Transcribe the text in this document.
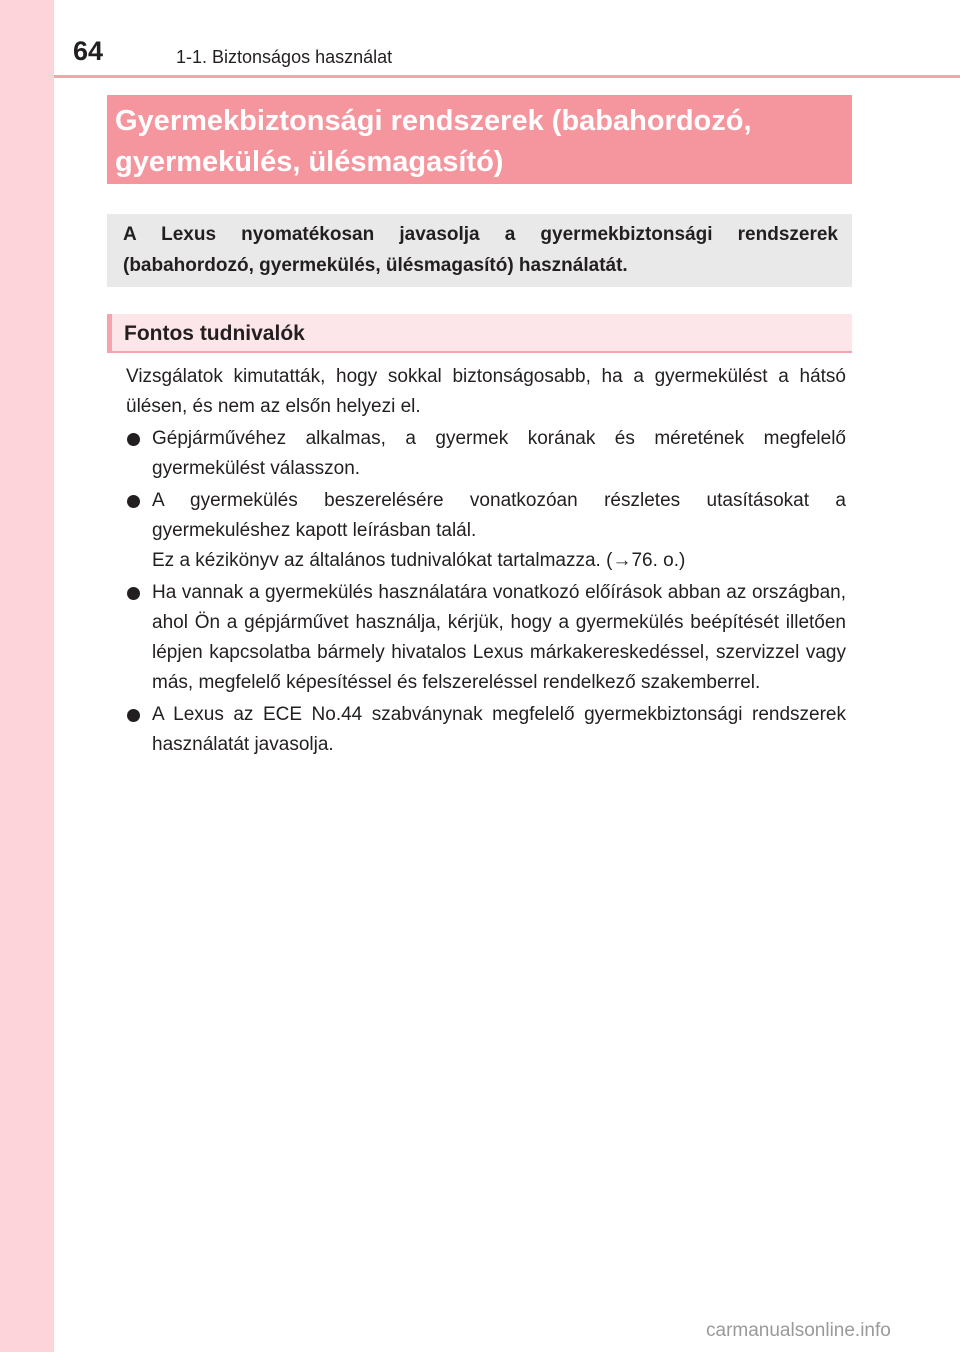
64	1-1. Biztonságos használat
Gyermekbiztonsági rendszerek (babahordozó, gyermekülés, ülésmagasító)
A Lexus nyomatékosan javasolja a gyermekbiztonsági rendszerek (babahordozó, gyermekülés, ülésmagasító) használatát.
Fontos tudnivalók

Vizsgálatok kimutatták, hogy sokkal biztonságosabb, ha a gyermekülést a hátsó ülésen, és nem az elsőn helyezi el.

Gépjárművéhez alkalmas, a gyermek korának és méretének megfelelő gyermekülést válasszon.
A gyermekülés beszerelésére vonatkozóan részletes utasításokat a gyermekuléshez kapott leírásban talál.
Ez a kézikönyv az általános tudnivalókat tartalmazza. (→76. o.)
Ha vannak a gyermekülés használatára vonatkozó előírások abban az országban, ahol Ön a gépjárművet használja, kérjük, hogy a gyermekülés beépítését illetően lépjen kapcsolatba bármely hivatalos Lexus márkakereskedéssel, szervizzel vagy más, megfelelő képesítéssel és felszereléssel rendelkező szakemberrel.
A Lexus az ECE No.44 szabványnak megfelelő gyermekbiztonsági rendszerek használatát javasolja.
carmanualsonline.info
